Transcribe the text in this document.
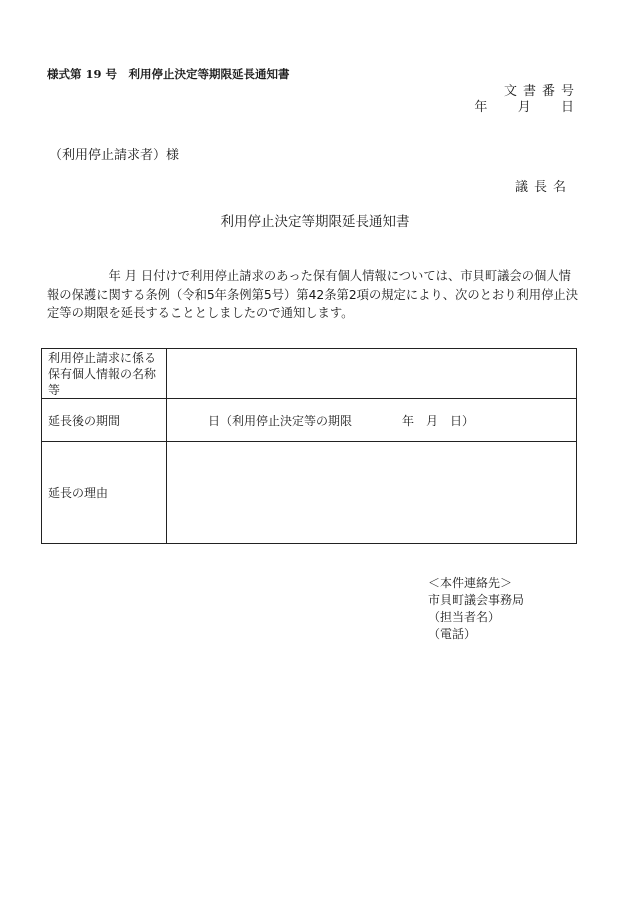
様式第 19 号　利用停止決定等期限延長通知書
文書番号
年 月 日
（利用停止請求者）様
議長名
利用停止決定等期限延長通知書
　　　　　年 月 日付けで利用停止請求のあった保有個人情報については、市貝町議会の個人情報の保護に関する条例（令和5年条例第5号）第42条第2項の規定により、次のとおり利用停止決定等の期限を延長することとしましたので通知します。
利用停止請求に係る保有個人情報の名称等	
延長後の期間	日（利用停止決定等の期限 年　月　日）

延長の理由	
＜本件連絡先＞
市貝町議会事務局
（担当者名）
（電話）
